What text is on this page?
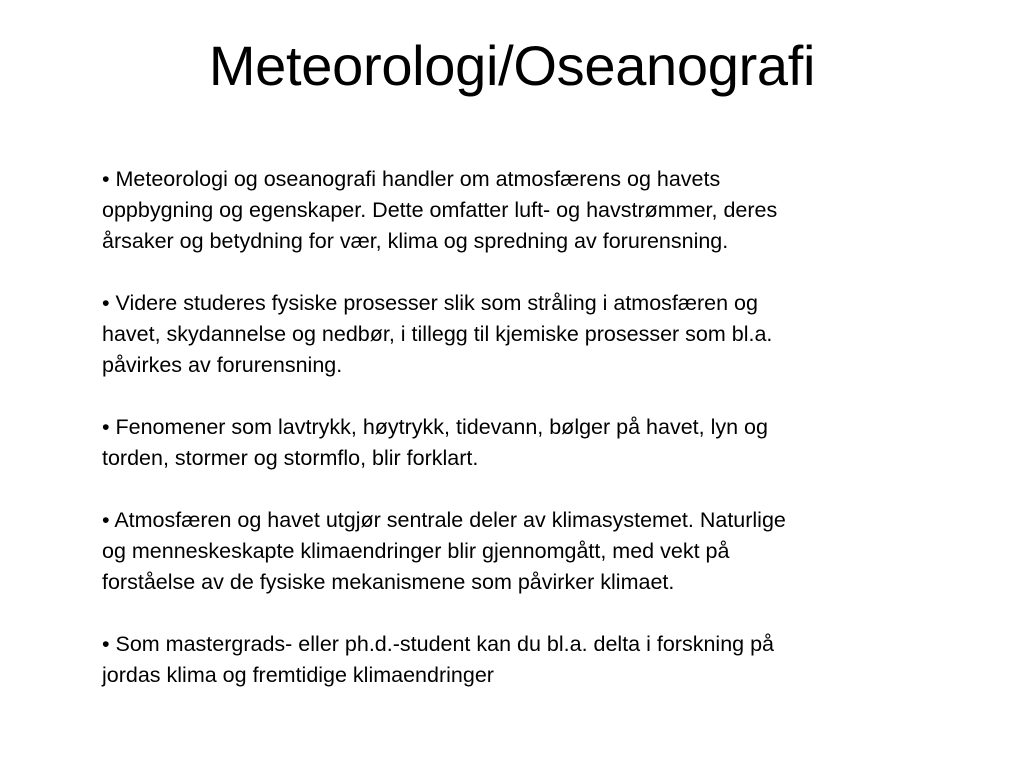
Meteorologi/Oseanografi
• Meteorologi og oseanografi handler om atmosfærens og havets
oppbygning og egenskaper. Dette omfatter luft- og havstrømmer, deres
årsaker og betydning for vær, klima og spredning av forurensning.
• Videre studeres fysiske prosesser slik som stråling i atmosfæren og
havet, skydannelse og nedbør, i tillegg til kjemiske prosesser som bl.a.
påvirkes av forurensning.
• Fenomener som lavtrykk, høytrykk, tidevann, bølger på havet, lyn og
torden, stormer og stormflo, blir forklart.
• Atmosfæren og havet utgjør sentrale deler av klimasystemet. Naturlige
og menneskeskapte klimaendringer blir gjennomgått, med vekt på
forståelse av de fysiske mekanismene som påvirker klimaet.
• Som mastergrads- eller ph.d.-student kan du bl.a. delta i forskning på
jordas klima og fremtidige klimaendringer
